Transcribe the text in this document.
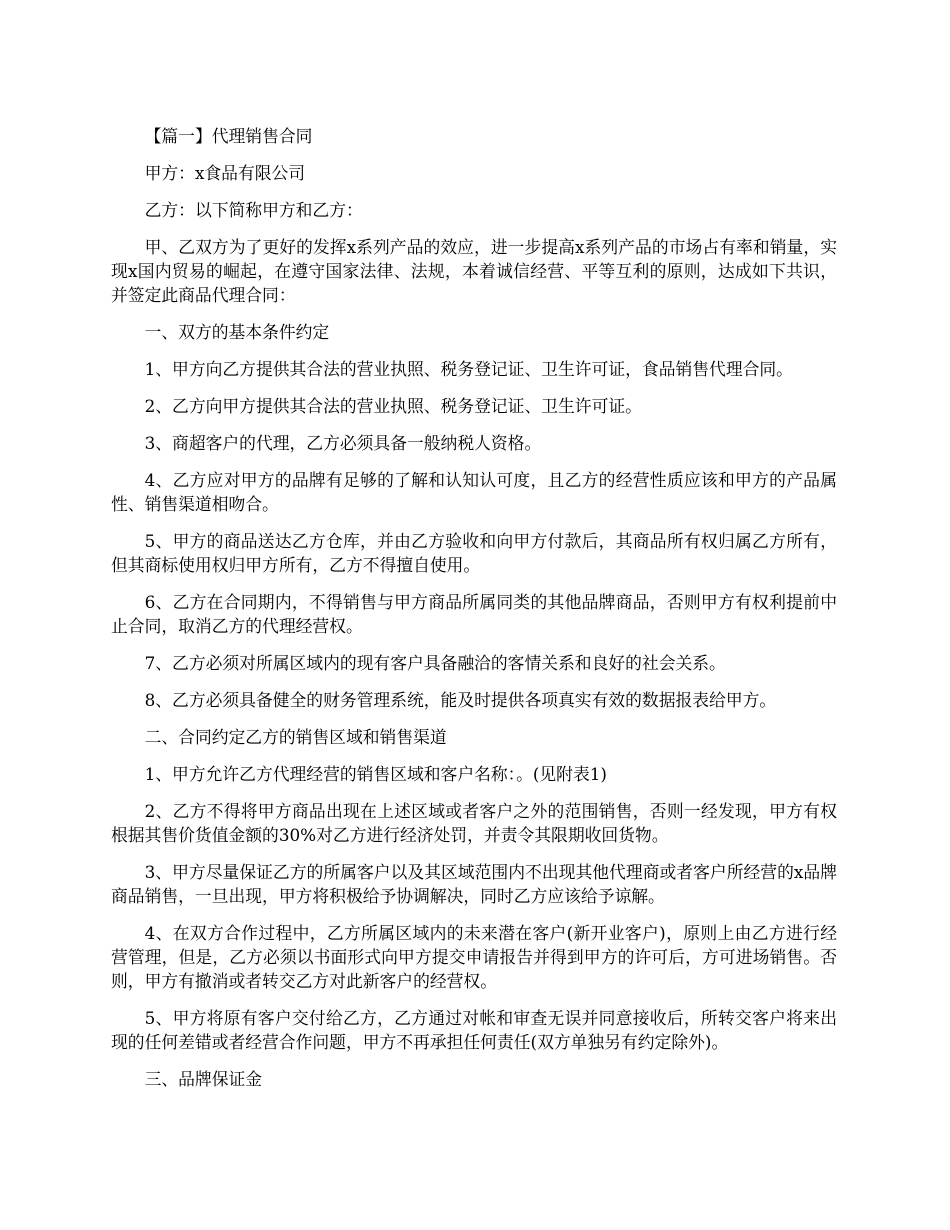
【篇一】代理销售合同

甲方：x食品有限公司

乙方：以下简称甲方和乙方：

甲、乙双方为了更好的发挥x系列产品的效应，进一步提高x系列产品的市场占有率和销量，实现x国内贸易的崛起，在遵守国家法律、法规，本着诚信经营、平等互利的原则，达成如下共识，并签定此商品代理合同：

一、双方的基本条件约定

1、甲方向乙方提供其合法的营业执照、税务登记证、卫生许可证，食品销售代理合同。

2、乙方向甲方提供其合法的营业执照、税务登记证、卫生许可证。

3、商超客户的代理，乙方必须具备一般纳税人资格。

4、乙方应对甲方的品牌有足够的了解和认知认可度，且乙方的经营性质应该和甲方的产品属性、销售渠道相吻合。

5、甲方的商品送达乙方仓库，并由乙方验收和向甲方付款后，其商品所有权归属乙方所有，但其商标使用权归甲方所有，乙方不得擅自使用。

6、乙方在合同期内，不得销售与甲方商品所属同类的其他品牌商品，否则甲方有权利提前中止合同，取消乙方的代理经营权。

7、乙方必须对所属区域内的现有客户具备融洽的客情关系和良好的社会关系。

8、乙方必须具备健全的财务管理系统，能及时提供各项真实有效的数据报表给甲方。

二、合同约定乙方的销售区域和销售渠道

1、甲方允许乙方代理经营的销售区域和客户名称：。(见附表1)

2、乙方不得将甲方商品出现在上述区域或者客户之外的范围销售，否则一经发现，甲方有权根据其售价货值金额的30%对乙方进行经济处罚，并责令其限期收回货物。

3、甲方尽量保证乙方的所属客户以及其区域范围内不出现其他代理商或者客户所经营的x品牌商品销售，一旦出现，甲方将积极给予协调解决，同时乙方应该给予谅解。

4、在双方合作过程中，乙方所属区域内的未来潜在客户(新开业客户)，原则上由乙方进行经营管理，但是，乙方必须以书面形式向甲方提交申请报告并得到甲方的许可后，方可进场销售。否则，甲方有撤消或者转交乙方对此新客户的经营权。

5、甲方将原有客户交付给乙方，乙方通过对帐和审查无误并同意接收后，所转交客户将来出现的任何差错或者经营合作问题，甲方不再承担任何责任(双方单独另有约定除外)。

三、品牌保证金
